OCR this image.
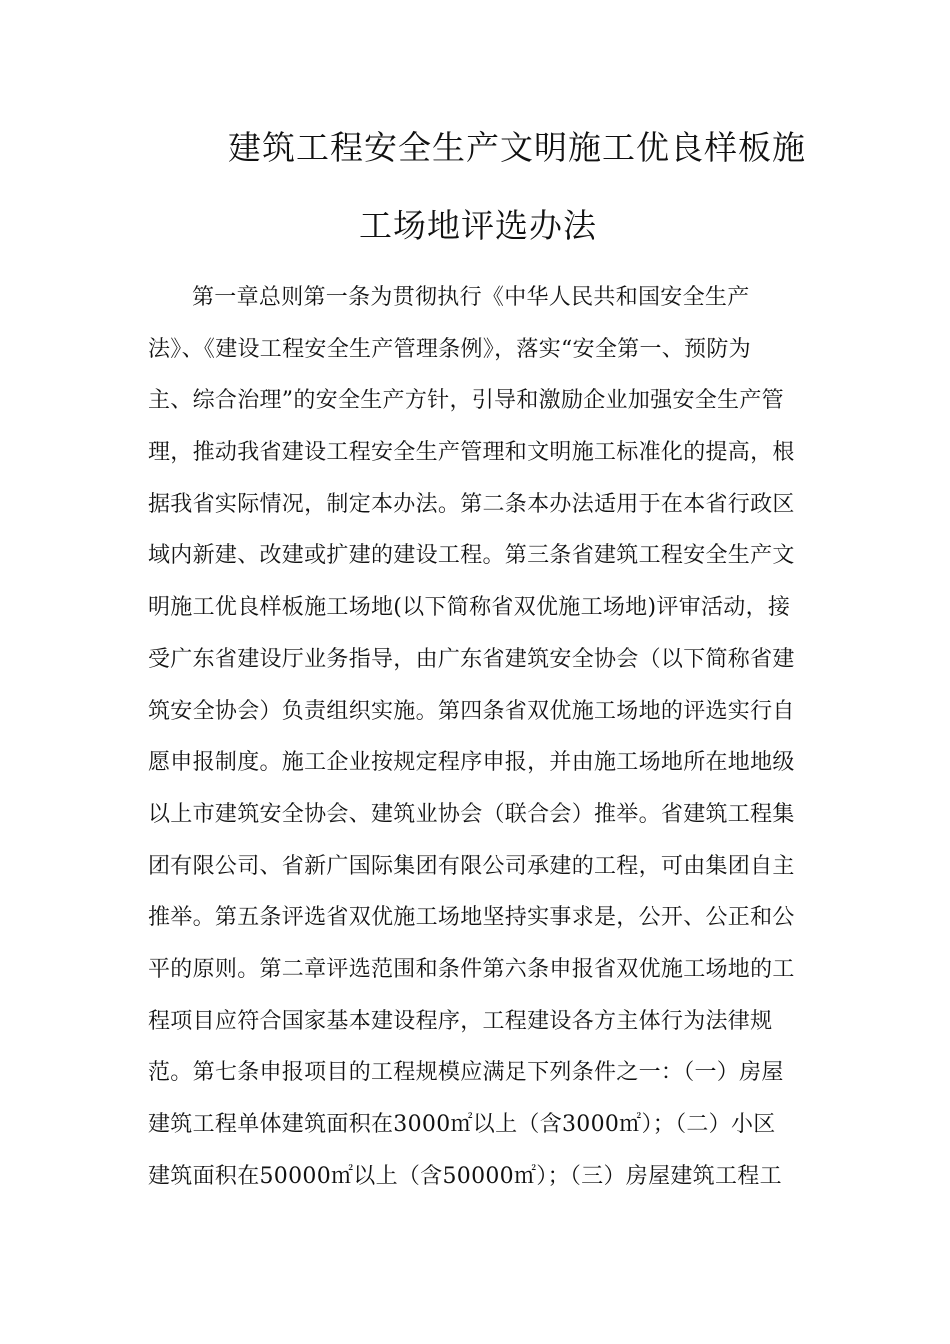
建筑工程安全生产文明施工优良样板施
工场地评选办法
第一章总则第一条为贯彻执行《中华人民共和国安全生产
法》、《建设工程安全生产管理条例》，落实“安全第一、预防为
主、综合治理”的安全生产方针，引导和激励企业加强安全生产管
理，推动我省建设工程安全生产管理和文明施工标准化的提高，根
据我省实际情况，制定本办法。第二条本办法适用于在本省行政区
域内新建、改建或扩建的建设工程。第三条省建筑工程安全生产文
明施工优良样板施工场地(以下简称省双优施工场地)评审活动，接
受广东省建设厅业务指导，由广东省建筑安全协会（以下简称省建
筑安全协会）负责组织实施。第四条省双优施工场地的评选实行自
愿申报制度。施工企业按规定程序申报，并由施工场地所在地地级
以上市建筑安全协会、建筑业协会（联合会）推举。省建筑工程集
团有限公司、省新广国际集团有限公司承建的工程，可由集团自主
推举。第五条评选省双优施工场地坚持实事求是，公开、公正和公
平的原则。第二章评选范围和条件第六条申报省双优施工场地的工
程项目应符合国家基本建设程序，工程建设各方主体行为法律规
范。第七条申报项目的工程规模应满足下列条件之一：（一）房屋
建筑工程单体建筑面积在3000㎡以上（含3000㎡）；（二）小区
建筑面积在50000㎡以上（含50000㎡）；（三）房屋建筑工程工
